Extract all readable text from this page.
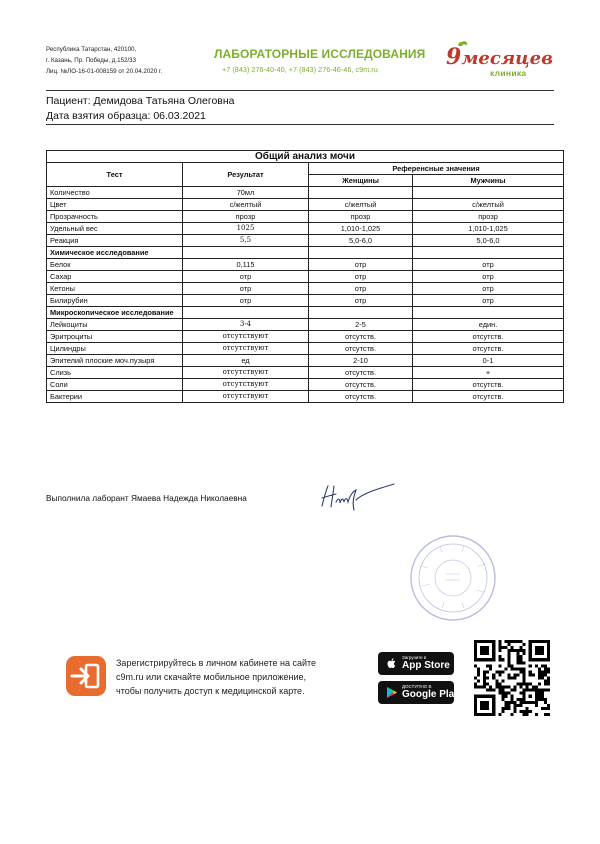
Республика Татарстан, 420100,
г. Казань, Пр. Победы, д.152/33
Лиц. №ЛО-16-01-008159 от 20.04.2020 г.
ЛАБОРАТОРНЫЕ ИССЛЕДОВАНИЯ
+7 (843) 276-40-40, +7 (843) 276-46-46, c9m.ru	9месяцев
клиника
Пациент: Демидова Татьяна Олеговна
Дата взятия образца: 06.03.2021
Общий анализ мочи			
Тест	Результат	Референсные значения	
		Женщины	Мужчины
Количество	70мл		
Цвет	с/желтый	с/желтый	с/желтый
Прозрачность	прозр	прозр	прозр
Удельный вес	1025	1,010-1,025	1,010-1,025
Реакция	5,5	5,0-6,0	5,0-6,0
Химическое исследование			
Белок	0,115	отр	отр
Сахар	отр	отр	отр
Кетоны	отр	отр	отр
Билирубин	отр	отр	отр
Микроскопическое исследование			
Лейкоциты	3-4	2-5	един.
Эритроциты	отсутствуют	отсутств.	отсутств.
Цилиндры	отсутствуют	отсутств.	отсутств.
Эпителий плоские моч.пузыря	ед	2-10	0-1
Слизь	отсутствуют	отсутств.	+
Соли	отсутствуют	отсутств.	отсутств.
Бактерии	отсутствуют	отсутств.	отсутств.
Выполнила лаборант Ямаева Надежда Николаевна
Зарегистрируйтесь в личном кабинете на сайте
c9m.ru или скачайте мобильное приложение,
чтобы получить доступ к медицинской карте.
Загрузите в
App Store
ДОСТУПНО В
Google Play
